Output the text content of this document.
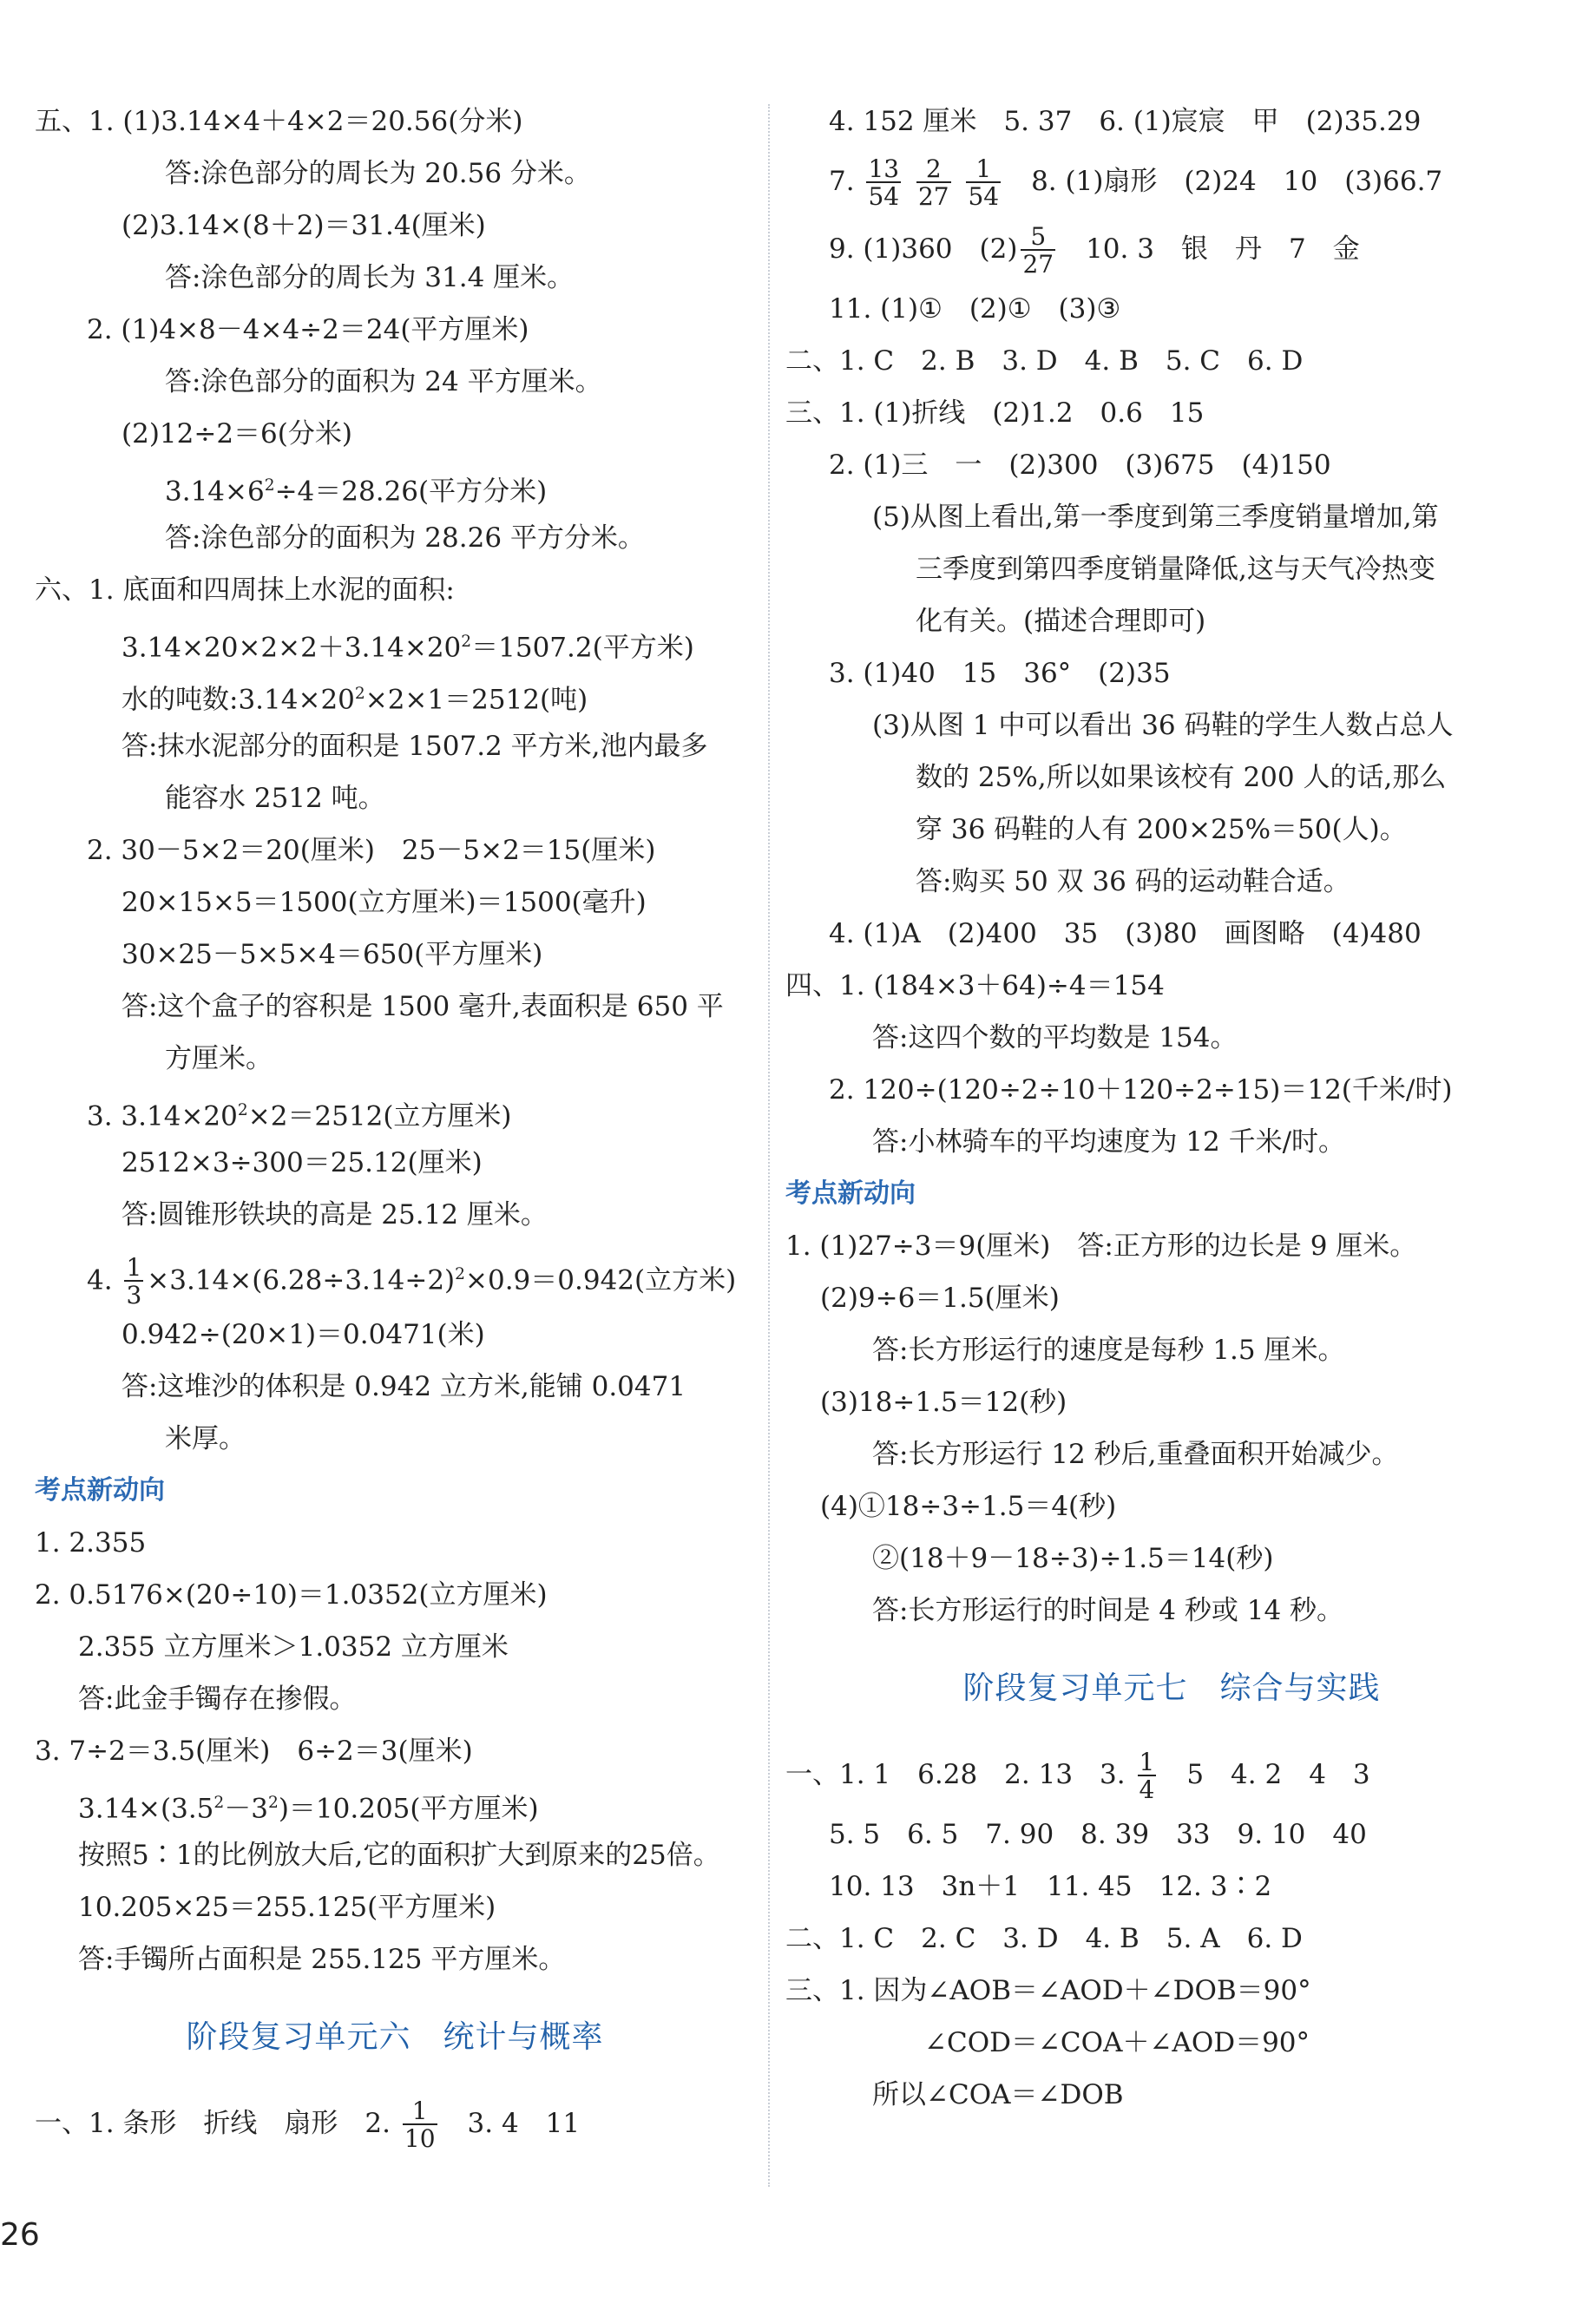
五、1. (1)3.14×4＋4×2＝20.56(分米)
答:涂色部分的周长为 20.56 分米。
(2)3.14×(8＋2)＝31.4(厘米)
答:涂色部分的周长为 31.4 厘米。
2. (1)4×8－4×4÷2＝24(平方厘米)
答:涂色部分的面积为 24 平方厘米。
(2)12÷2＝6(分米)
$3.14\times 6^2\div 4=28.26$(平方分米)
答:涂色部分的面积为 28.26 平方分米。
六、1. 底面和四周抹上水泥的面积:
$3.14\times 20\times 2\times 2+3.14\times 20^2=1507.2$(平方米)
水的吨数$:3.14\times 20^2\times 2\times 1=2512$(吨)
答:抹水泥部分的面积是 1507.2 平方米,池内最多
能容水 2512 吨。
2. 30－5×2＝20(厘米)　25－5×2＝15(厘米)
20×15×5＝1500(立方厘米)＝1500(毫升)
30×25－5×5×4＝650(平方厘米)
答:这个盒子的容积是 1500 毫升,表面积是 650 平
方厘米。
3. $3.14\times 20^2\times 2=2512$(立方厘米)
2512×3÷300＝25.12(厘米)
答:圆锥形铁块的高是 25.12 厘米。
4. $\frac{1}{3} \times 3.14\times(6.28\div 3.14\div 2)^2\times 0.9=0.942$(立方米)
0.942÷(20×1)＝0.0471(米)
答:这堆沙的体积是 0.942 立方米,能铺 0.0471
米厚。
考点新动向
1. 2.355
2. 0.5176×(20÷10)＝1.0352(立方厘米)
2.355 立方厘米＞1.0352 立方厘米
答:此金手镯存在掺假。
3. 7÷2＝3.5(厘米)　6÷2＝3(厘米)
$3.14\times(3.5^2-3^2)=10.205$(平方厘米)
按照5∶1的比例放大后,它的面积扩大到原来的25倍。
10.205×25＝255.125(平方厘米)
答:手镯所占面积是 255.125 平方厘米。
阶段复习单元六　统计与概率
一、1. 条形　折线　扇形　2. $\frac{1}{10}$ 　3. 4　11
4. 152 厘米　5. 37　6. (1)宸宸　甲　(2)35.29
7. $\frac{13}{54}$
$\frac{2}{27}$
$\frac{1}{54}$ 　8. (1)扇形　(2)24　10　(3)66.7
9. (1)360　$(2) \frac{5}{27}$ 　10. 3　银　丹　7　金
11. (1)①　(2)①　(3)③
二、1. C　2. B　3. D　4. B　5. C　6. D
三、1. (1)折线　(2)1.2　0.6　15
2. (1)三　一　(2)300　(3)675　(4)150
(5)从图上看出,第一季度到第三季度销量增加,第
三季度到第四季度销量降低,这与天气冷热变
化有关。(描述合理即可)
3. (1)40　15　36°　(2)35
(3)从图 1 中可以看出 36 码鞋的学生人数占总人
数的 25%,所以如果该校有 200 人的话,那么
穿 36 码鞋的人有 200×25%＝50(人)。
答:购买 50 双 36 码的运动鞋合适。
4. (1)A　(2)400　35　(3)80　画图略　(4)480
四、1. (184×3＋64)÷4＝154
答:这四个数的平均数是 154。
2. 120÷(120÷2÷10＋120÷2÷15)＝12(千米/时)
答:小林骑车的平均速度为 12 千米/时。
考点新动向
1. (1)27÷3＝9(厘米)　答:正方形的边长是 9 厘米。
(2)9÷6＝1.5(厘米)
答:长方形运行的速度是每秒 1.5 厘米。
(3)18÷1.5＝12(秒)
答:长方形运行 12 秒后,重叠面积开始减少。
(4)①18÷3÷1.5＝4(秒)
②(18＋9－18÷3)÷1.5＝14(秒)
答:长方形运行的时间是 4 秒或 14 秒。
阶段复习单元七　综合与实践
一、1. 1　6.28　2. 13　3. $\frac{1}{4}$ 　5　4. 2　4　3
5. 5　6. 5　7. 90　8. 39　33　9. 10　40
10. 13　3n＋1　11. 45　12. 3∶2
二、1. C　2. C　3. D　4. B　5. A　6. D
三、1. 因为∠AOB＝∠AOD＋∠DOB＝90°
∠COD＝∠COA＋∠AOD＝90°
所以∠COA＝∠DOB
26
